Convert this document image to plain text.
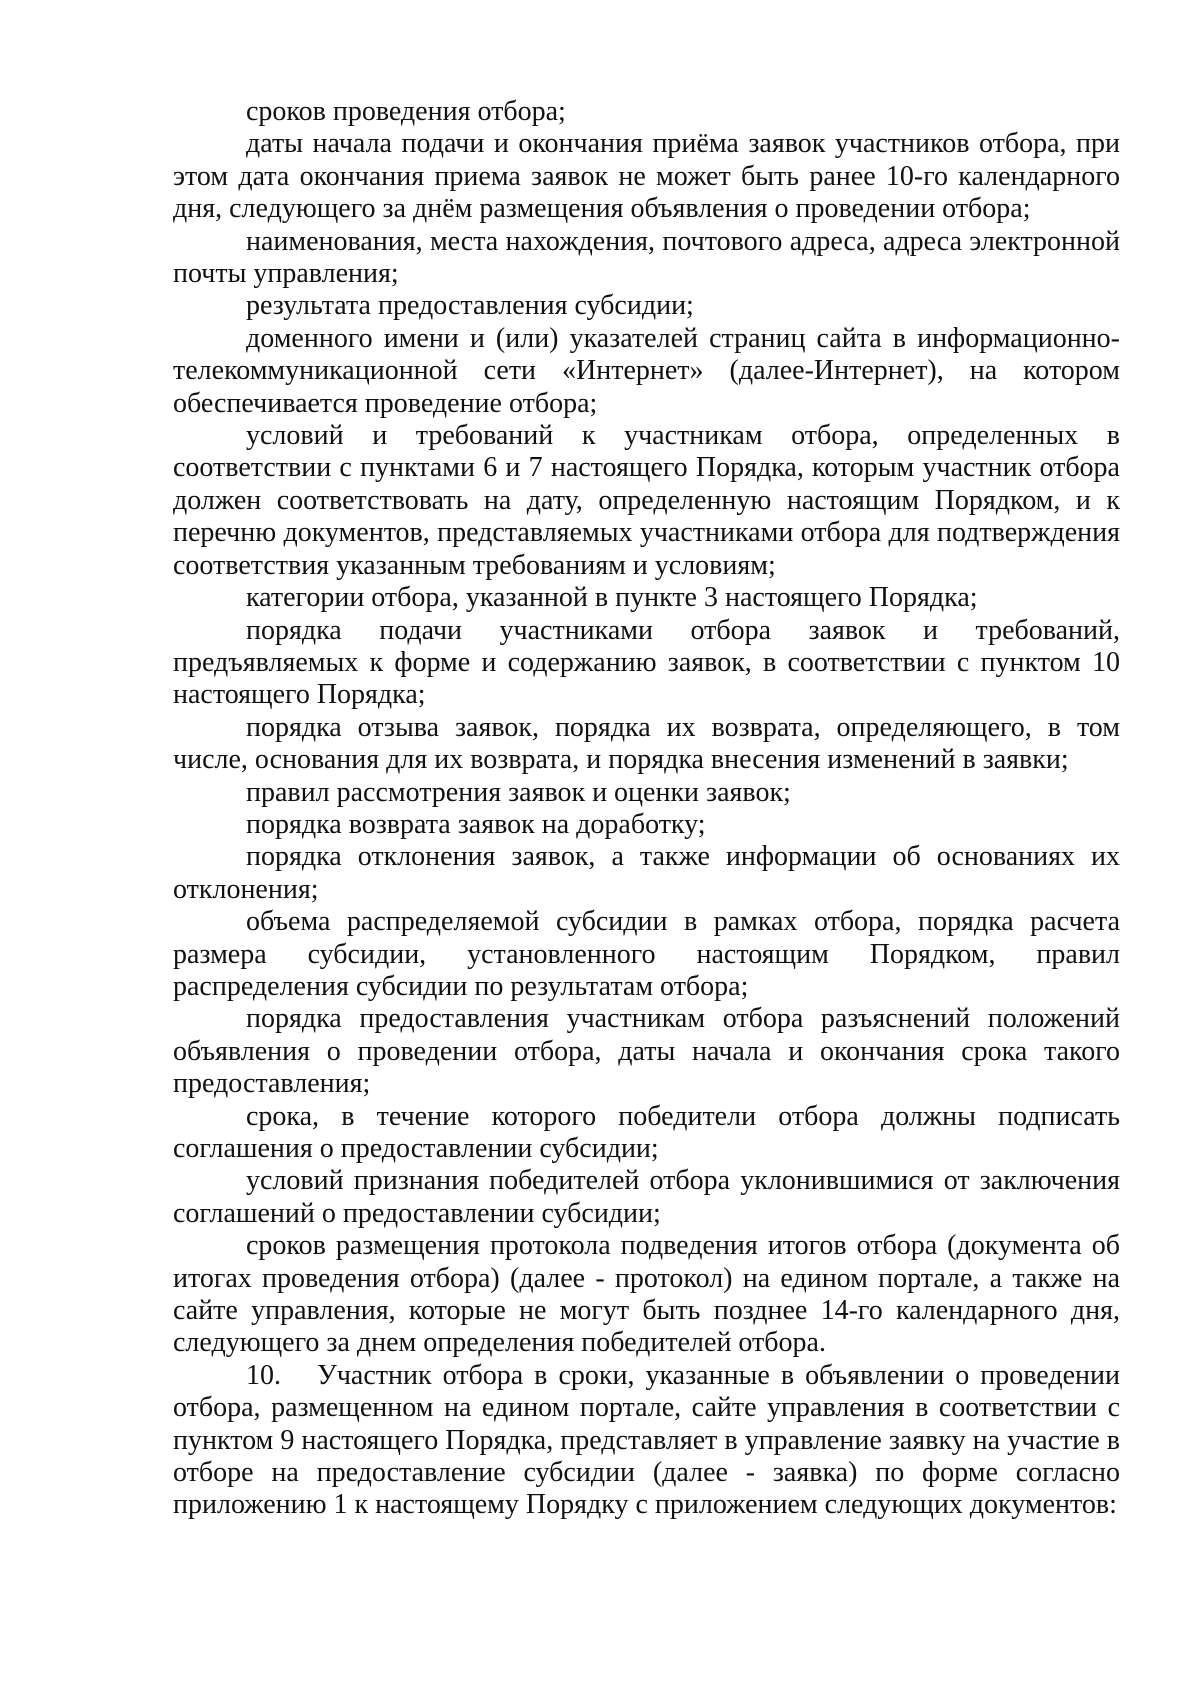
сроков проведения отбора;

даты начала подачи и окончания приёма заявок участников отбора, при этом дата окончания приема заявок не может быть ранее 10-го календарного дня, следующего за днём размещения объявления о проведении отбора;

наименования, места нахождения, почтового адреса, адреса электронной почты управления;

результата предоставления субсидии;

доменного имени и (или) указателей страниц сайта в информационно-телекоммуникационной сети «Интернет» (далее-Интернет), на котором обеспечивается проведение отбора;

условий и требований к участникам отбора, определенных в соответствии с пунктами 6 и 7 настоящего Порядка, которым участник отбора должен соответствовать на дату, определенную настоящим Порядком, и к перечню документов, представляемых участниками отбора для подтверждения соответствия указанным требованиям и условиям;

категории отбора, указанной в пункте 3 настоящего Порядка;

порядка подачи участниками отбора заявок и требований, предъявляемых к форме и содержанию заявок, в соответствии с пунктом 10 настоящего Порядка;

порядка отзыва заявок, порядка их возврата, определяющего, в том числе, основания для их возврата, и порядка внесения изменений в заявки;

правил рассмотрения заявок и оценки заявок;

порядка возврата заявок на доработку;

порядка отклонения заявок, а также информации об основаниях их отклонения;

объема распределяемой субсидии в рамках отбора, порядка расчета размера субсидии, установленного настоящим Порядком, правил распределения субсидии по результатам отбора;

порядка предоставления участникам отбора разъяснений положений объявления о проведении отбора, даты начала и окончания срока такого предоставления;

срока, в течение которого победители отбора должны подписать соглашения о предоставлении субсидии;

условий признания победителей отбора уклонившимися от заключения соглашений о предоставлении субсидии;

сроков размещения протокола подведения итогов отбора (документа об итогах проведения отбора) (далее - протокол) на едином портале, а также на сайте управления, которые не могут быть позднее 14-го календарного дня, следующего за днем определения победителей отбора.

10. Участник отбора в сроки, указанные в объявлении о проведении отбора, размещенном на едином портале, сайте управления в соответствии с пунктом 9 настоящего Порядка, представляет в управление заявку на участие в отборе на предоставление субсидии (далее - заявка) по форме согласно приложению 1 к настоящему Порядку с приложением следующих документов:
